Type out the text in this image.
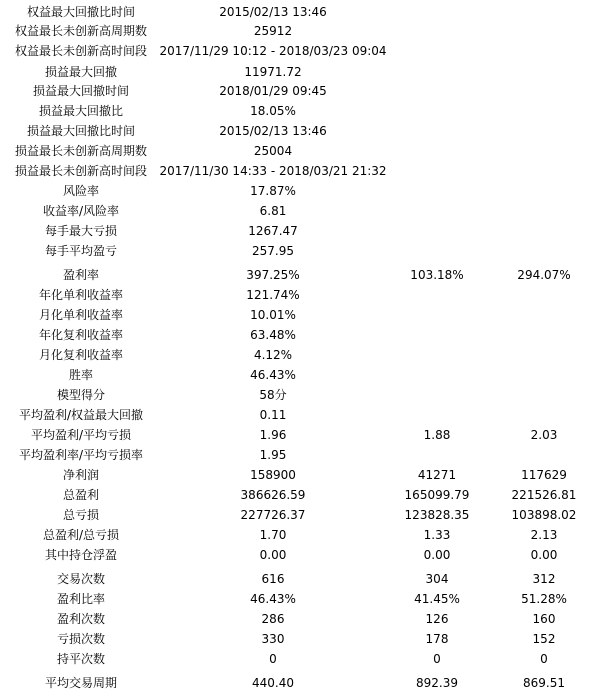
权益最大回撤比时间	2015/02/13 13:46
权益最长未创新高周期数	25912
权益最长未创新高时间段 2017/11/29 10:12 - 2018/03/23 09:04
损益最大回撤	11971.72
损益最大回撤时间	2018/01/29 09:45
损益最大回撤比	18.05%
损益最大回撤比时间	2015/02/13 13:46
损益最长未创新高周期数	25004
损益最长未创新高时间段 2017/11/30 14:33 - 2018/03/21 21:32
风险率	17.87%
收益率/风险率	6.81
每手最大亏损	1267.47
每手平均盈亏	257.95
盈利率	397.25%	103.18%	294.07%
年化单利收益率	121.74%
月化单利收益率	10.01%
年化复利收益率	63.48%
月化复利收益率	4.12%
胜率	46.43%
模型得分	58分
平均盈利/权益最大回撤	0.11
平均盈利/平均亏损	1.96	1.88	2.03
平均盈利率/平均亏损率	1.95
净利润	158900	41271	117629
总盈利	386626.59	165099.79	221526.81
总亏损	227726.37	123828.35	103898.02
总盈利/总亏损	1.70	1.33	2.13
其中持仓浮盈	0.00	0.00	0.00
交易次数	616	304	312
盈利比率	46.43%	41.45%	51.28%
盈利次数	286	126	160
亏损次数	330	178	152
持平次数	0	0	0
平均交易周期	440.40	892.39	869.51
